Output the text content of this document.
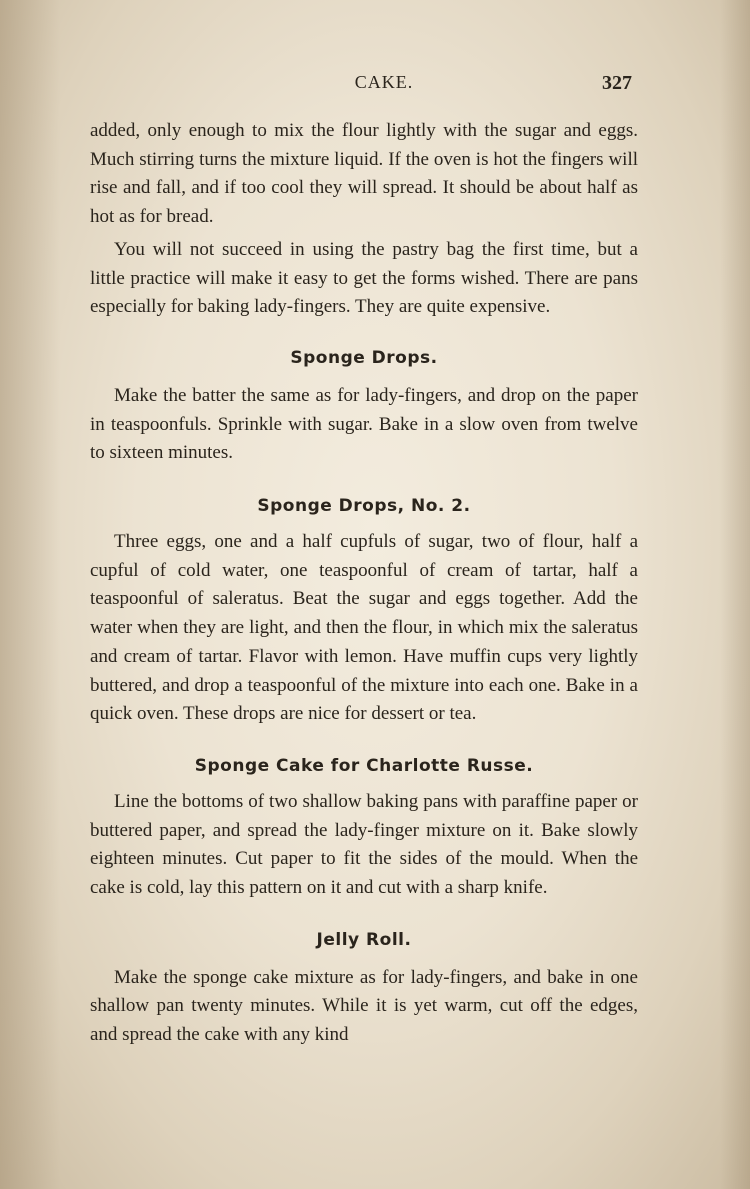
CAKE.	327

added, only enough to mix the flour lightly with the sugar and eggs. Much stirring turns the mixture liquid. If the oven is hot the fingers will rise and fall, and if too cool they will spread. It should be about half as hot as for bread.

You will not succeed in using the pastry bag the first time, but a little practice will make it easy to get the forms wished. There are pans especially for baking lady-fingers. They are quite expensive.

Sponge Drops.

Make the batter the same as for lady-fingers, and drop on the paper in teaspoonfuls. Sprinkle with sugar. Bake in a slow oven from twelve to sixteen minutes.

Sponge Drops, No. 2.

Three eggs, one and a half cupfuls of sugar, two of flour, half a cupful of cold water, one teaspoonful of cream of tartar, half a teaspoonful of saleratus. Beat the sugar and eggs together. Add the water when they are light, and then the flour, in which mix the saleratus and cream of tartar. Flavor with lemon. Have muffin cups very lightly buttered, and drop a teaspoonful of the mixture into each one. Bake in a quick oven. These drops are nice for dessert or tea.

Sponge Cake for Charlotte Russe.

Line the bottoms of two shallow baking pans with paraffine paper or buttered paper, and spread the lady-finger mixture on it. Bake slowly eighteen minutes. Cut paper to fit the sides of the mould. When the cake is cold, lay this pattern on it and cut with a sharp knife.

Jelly Roll.

Make the sponge cake mixture as for lady-fingers, and bake in one shallow pan twenty minutes. While it is yet warm, cut off the edges, and spread the cake with any kind
